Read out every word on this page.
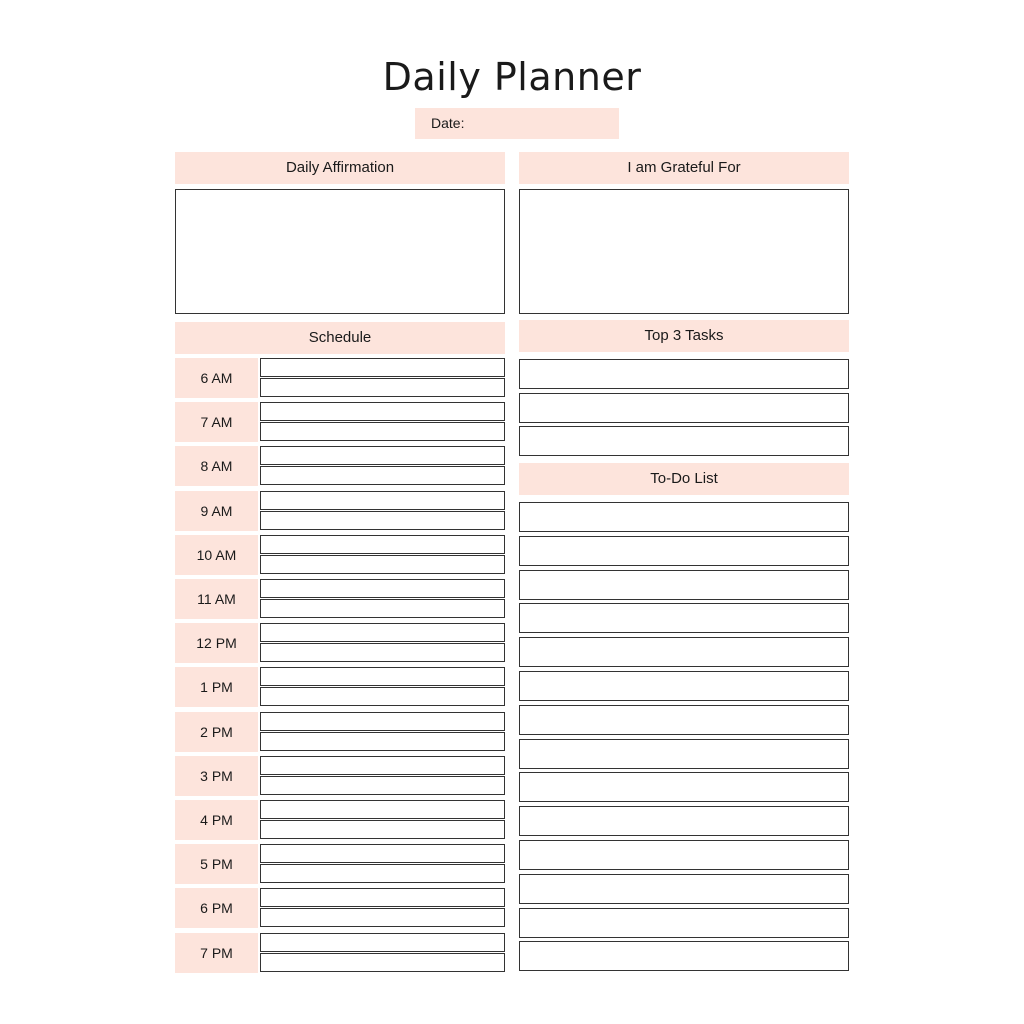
Daily Planner
Date:
Daily Affirmation	I am Grateful For
Schedule
6 AM
7 AM
8 AM
9 AM
10 AM
11 AM
12 PM
1 PM
2 PM
3 PM
4 PM
5 PM
6 PM
7 PM
Top 3 Tasks
To-Do List
